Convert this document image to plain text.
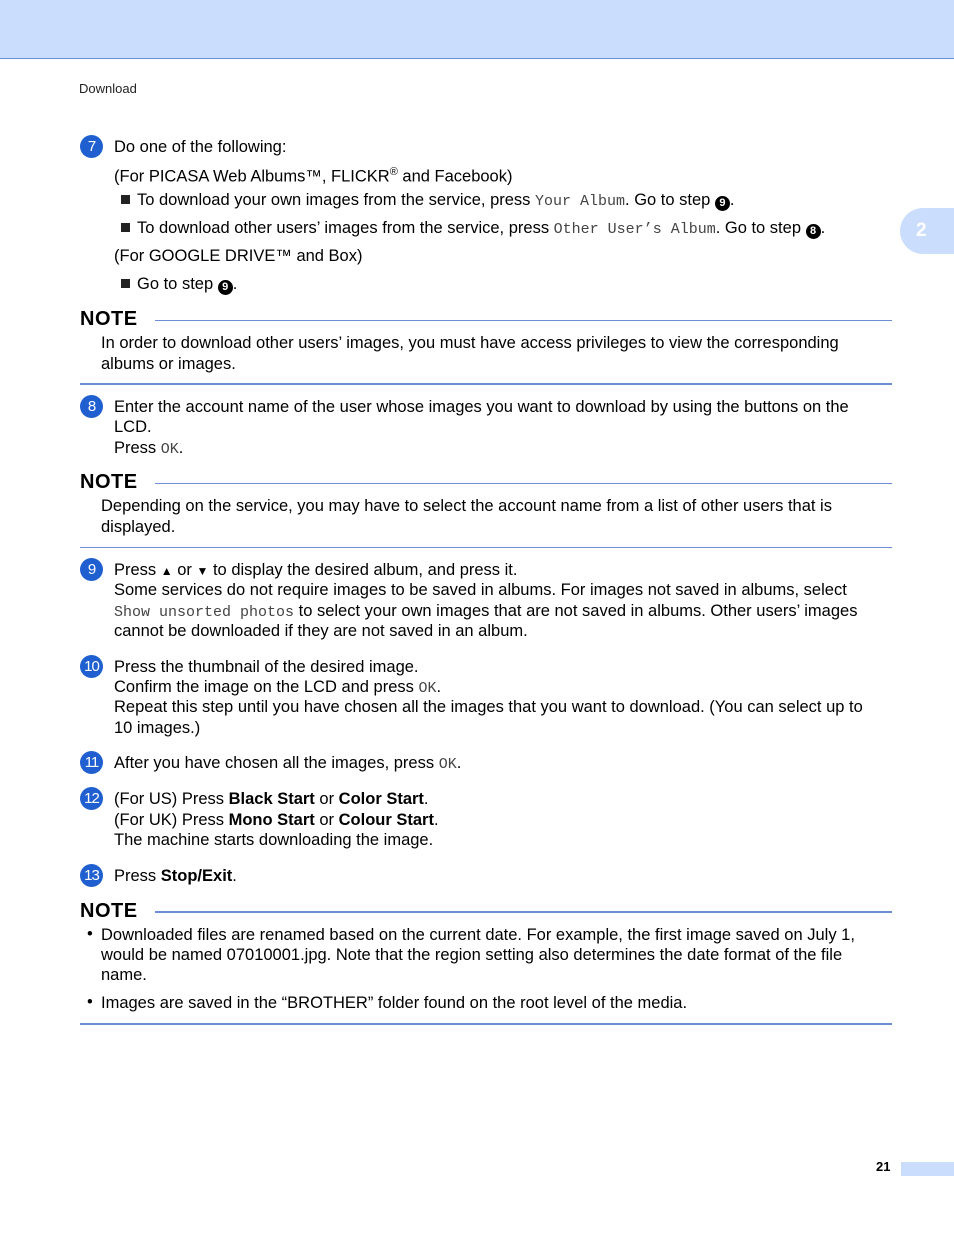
Download
2
7	Do one of the following:
(For PICASA Web Albums™, FLICKR® and Facebook)
To download your own images from the service, press Your Album. Go to step 9 .
To download other users’ images from the service, press Other User’s Album. Go to step 8 .
(For GOOGLE DRIVE™ and Box)
Go to step 9 .
NOTE
In order to download other users’ images, you must have access privileges to view the corresponding
albums or images.
8	Enter the account name of the user whose images you want to download by using the buttons on the
LCD.
Press OK.
NOTE
Depending on the service, you may have to select the account name from a list of other users that is
displayed.
9	Press ▲ or ▼ to display the desired album, and press it.
Some services do not require images to be saved in albums. For images not saved in albums, select
Show unsorted photos to select your own images that are not saved in albums. Other users’ images
cannot be downloaded if they are not saved in an album.
10 Press the thumbnail of the desired image.
Confirm the image on the LCD and press OK.
Repeat this step until you have chosen all the images that you want to download. (You can select up to
10 images.)
11 After you have chosen all the images, press OK.
12 (For US) Press Black Start or Color Start.
(For UK) Press Mono Start or Colour Start.
The machine starts downloading the image.
13 Press Stop/Exit.
NOTE
• Downloaded files are renamed based on the current date. For example, the first image saved on July 1,
would be named 07010001.jpg. Note that the region setting also determines the date format of the file
name.
• Images are saved in the “BROTHER” folder found on the root level of the media.
21
